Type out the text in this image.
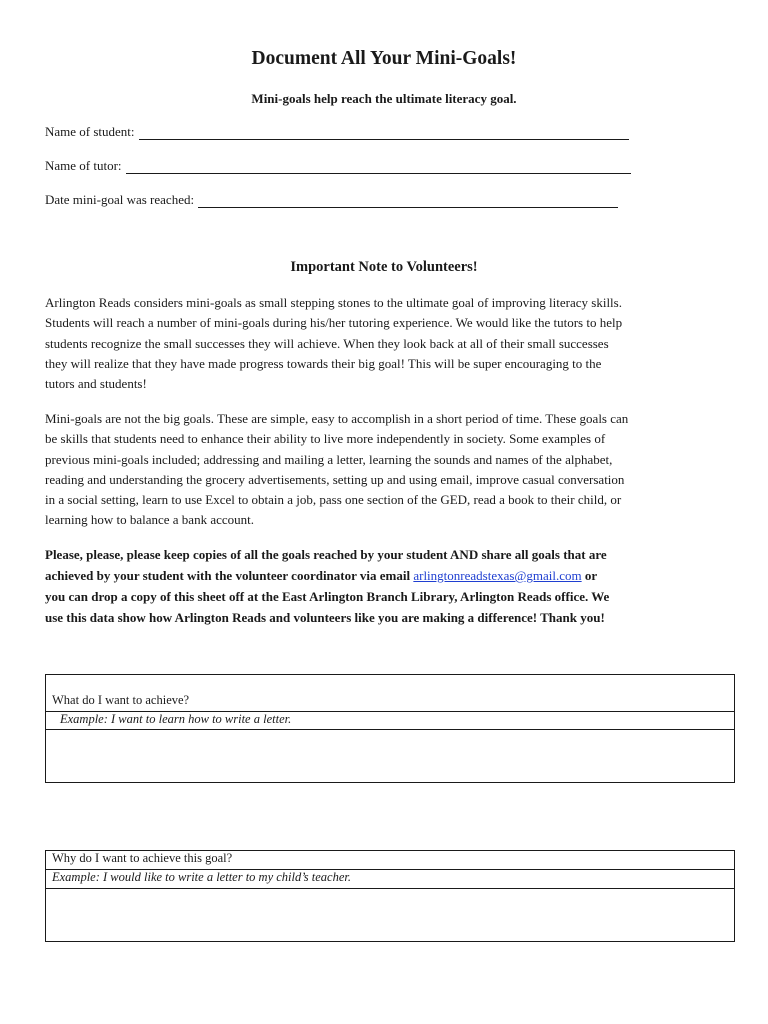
Document All Your Mini-Goals!
Mini-goals help reach the ultimate literacy goal.
Name of student:
Name of tutor:
Date mini-goal was reached:
Important Note to Volunteers!

Arlington Reads considers mini-goals as small stepping stones to the ultimate goal of improving literacy skills.
Students will reach a number of mini-goals during his/her tutoring experience. We would like the tutors to help
students recognize the small successes they will achieve. When they look back at all of their small successes
they will realize that they have made progress towards their big goal! This will be super encouraging to the
tutors and students!

Mini-goals are not the big goals. These are simple, easy to accomplish in a short period of time. These goals can
be skills that students need to enhance their ability to live more independently in society. Some examples of
previous mini-goals included; addressing and mailing a letter, learning the sounds and names of the alphabet,
reading and understanding the grocery advertisements, setting up and using email, improve casual conversation
in a social setting, learn to use Excel to obtain a job, pass one section of the GED, read a book to their child, or
learning how to balance a bank account.

Please, please, please keep copies of all the goals reached by your student AND share all goals that are
achieved by your student with the volunteer coordinator via email arlingtonreadstexas@gmail.com or
you can drop a copy of this sheet off at the East Arlington Branch Library, Arlington Reads office. We
use this data show how Arlington Reads and volunteers like you are making a difference! Thank you!

What do I want to achieve?
Example: I want to learn how to write a letter.
Why do I want to achieve this goal?
Example: I would like to write a letter to my child’s teacher.
